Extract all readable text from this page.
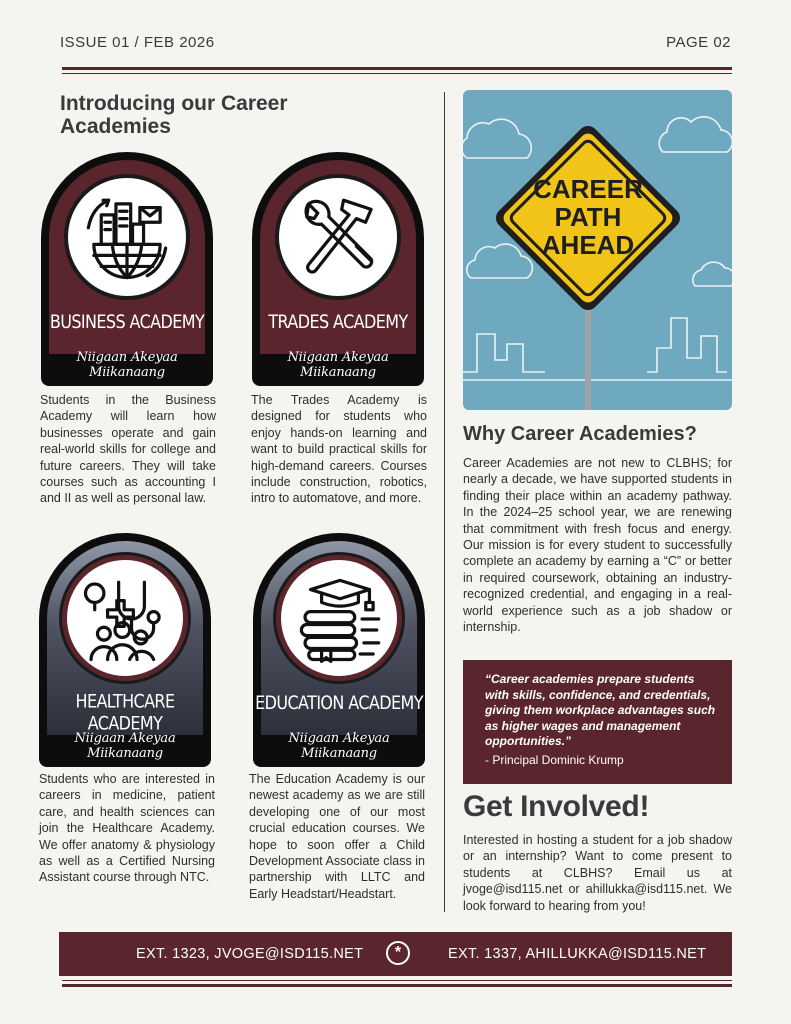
ISSUE 01 / FEB 2026	PAGE 02
Introducing our Career Academies
BUSINESS ACADEMY
Niigaan Akeyaa Miikanaang

Students in the Business Academy will learn how businesses operate and gain real-world skills for college and future careers. They will take courses such as accounting I and II as well as personal law.

TRADES ACADEMY
Niigaan Akeyaa Miikanaang

The Trades Academy is designed for students who enjoy hands-on learning and want to build practical skills for high-demand careers. Courses include construction, robotics, intro to automatove, and more.

HEALTHCARE ACADEMY
Niigaan Akeyaa Miikanaang

Students who are interested in careers in medicine, patient care, and health sciences can join the Healthcare Academy. We offer anatomy & physiology as well as a Certified Nursing Assistant course through NTC.

EDUCATION ACADEMY
Niigaan Akeyaa Miikanaang

The Education Academy is our newest academy as we are still developing one of our most crucial education courses. We hope to soon offer a Child Development Associate class in partnership with LLTC and Early Headstart/Headstart.

CAREER
PATH
AHEAD
Why Career Academies?

Career Academies are not new to CLBHS; for nearly a decade, we have supported students in finding their place within an academy pathway. In the 2024–25 school year, we are renewing that commitment with fresh focus and energy. Our mission is for every student to successfully complete an academy by earning a “C” or better in required coursework, obtaining an industry-recognized credential, and engaging in a real-world experience such as a job shadow or internship.

“Career academies prepare students with skills, confidence, and credentials, giving them workplace advantages such as higher wages and management opportunities.”

- Principal Dominic Krump

Get Involved!

Interested in hosting a student for a job shadow or an internship? Want to come present to students at CLBHS? Email us at jvoge@isd115.net or ahillukka@isd115.net. We look forward to hearing from you!

EXT. 1323, JVOGE@ISD115.NET	*	EXT. 1337, AHILLUKKA@ISD115.NET
